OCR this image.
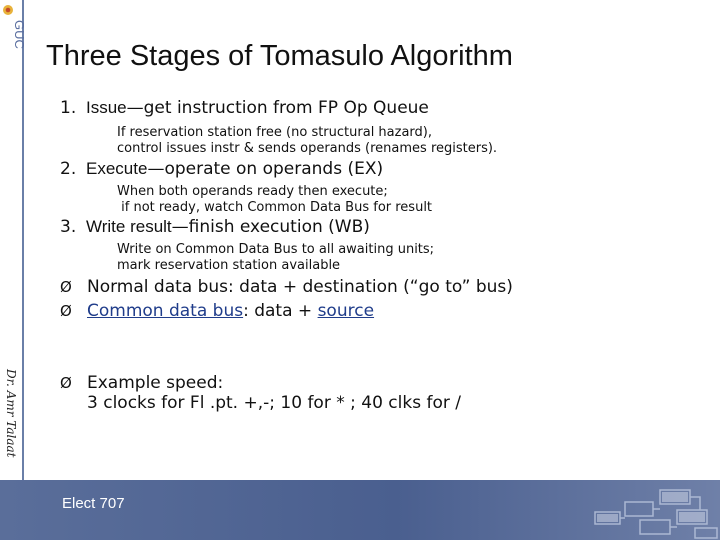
GUC
Dr. Amr Talaat
Three Stages of Tomasulo Algorithm
1. Issue—get instruction from FP Op Queue
If reservation station free (no structural hazard),
control issues instr & sends operands (renames registers).
2. Execute—operate on operands (EX)
When both operands ready then execute;
if not ready, watch Common Data Bus for result
3. Write result—finish execution (WB)
Write on Common Data Bus to all awaiting units;
mark reservation station available
Ø Normal data bus: data + destination (“go to” bus)
Ø Common data bus: data + source
Ø Example speed:
3 clocks for Fl .pt. +,-; 10 for * ; 40 clks for /
Elect 707
